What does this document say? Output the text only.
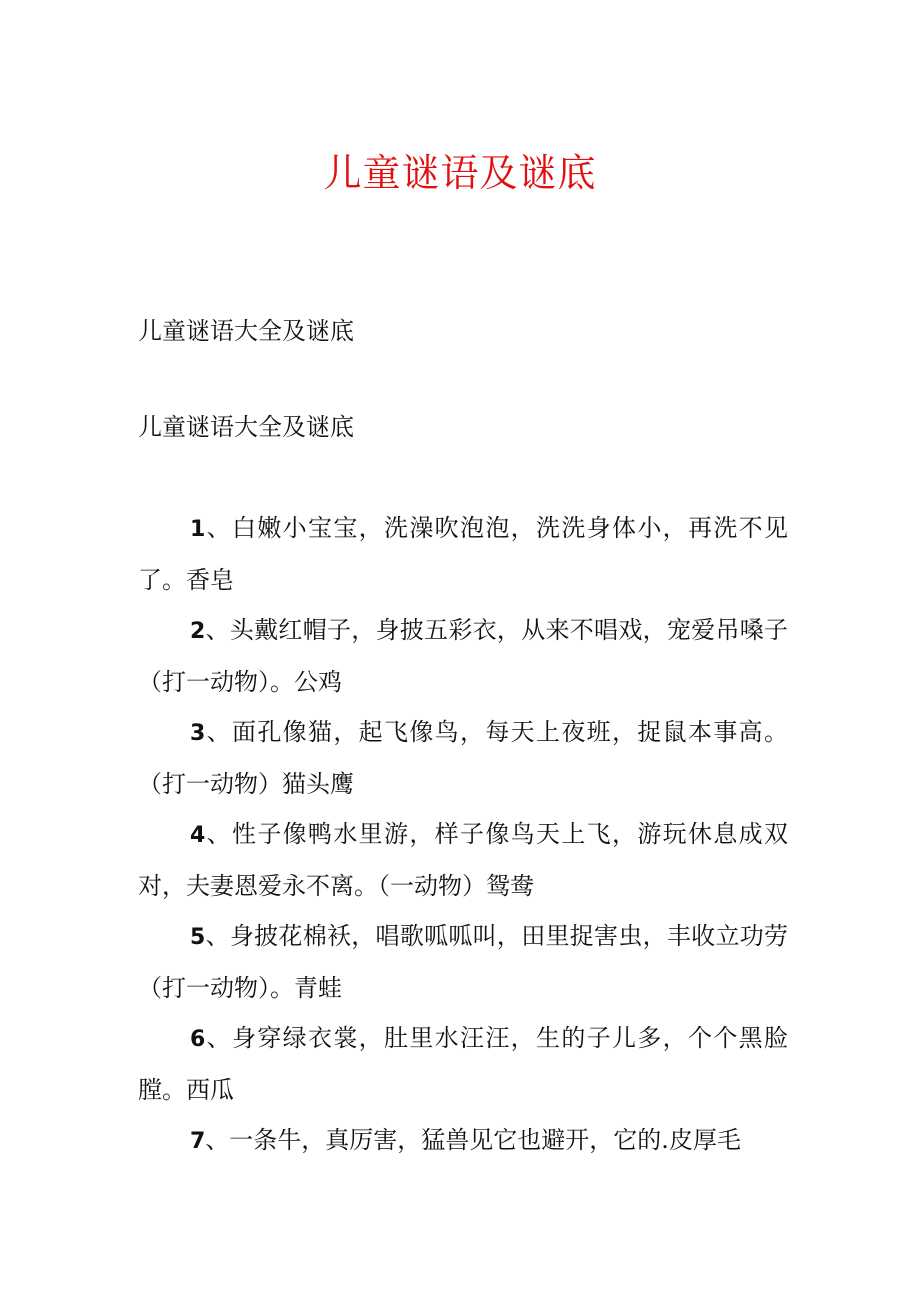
儿童谜语及谜底
儿童谜语大全及谜底
儿童谜语大全及谜底

1、白嫩小宝宝，洗澡吹泡泡，洗洗身体小，再洗不见了。香皂

2、头戴红帽子，身披五彩衣，从来不唱戏，宠爱吊嗓子（打一动物）。公鸡

3、面孔像猫，起飞像鸟，每天上夜班，捉鼠本事高。（打一动物）猫头鹰

4、性子像鸭水里游，样子像鸟天上飞，游玩休息成双对，夫妻恩爱永不离。（一动物）鸳鸯

5、身披花棉袄，唱歌呱呱叫，田里捉害虫，丰收立功劳（打一动物）。青蛙

6、身穿绿衣裳，肚里水汪汪，生的子儿多，个个黑脸膛。西瓜

7、一条牛，真厉害，猛兽见它也避开，它的.皮厚毛
